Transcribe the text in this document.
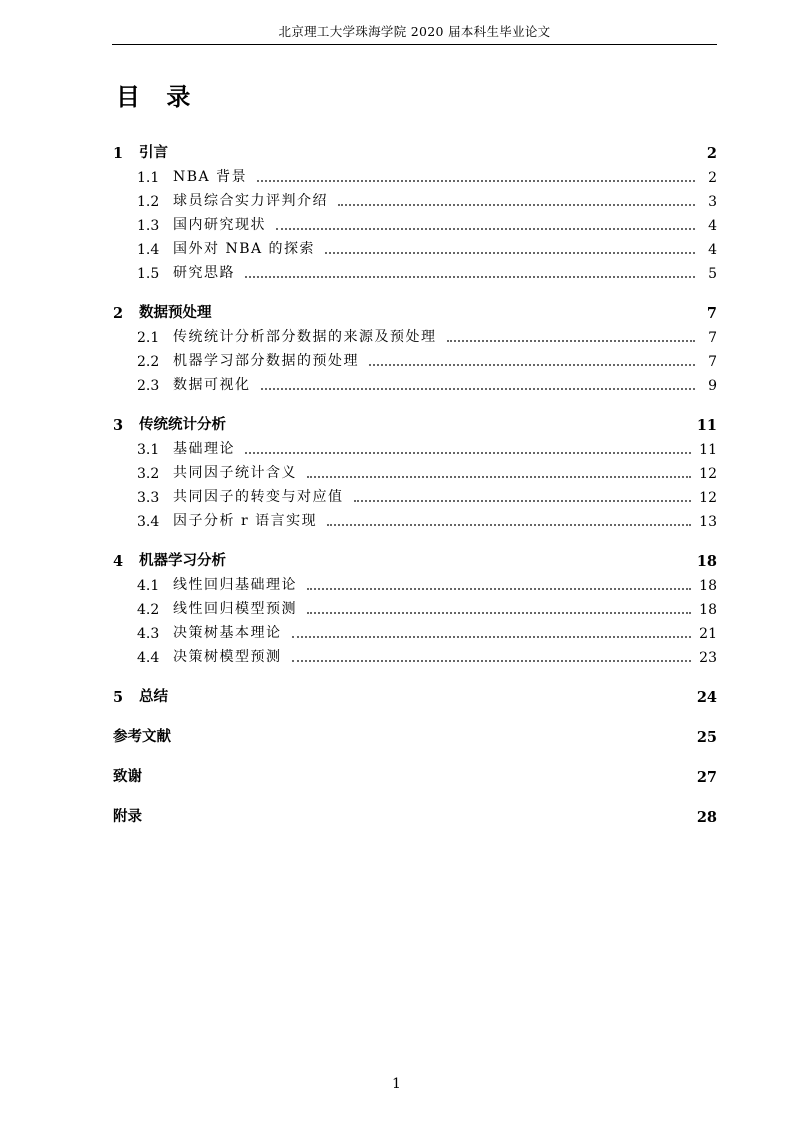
北京理工大学珠海学院 2020 届本科生毕业论文
目 录
1	引言	2
1.1 NBA 背景	2
1.2 球员综合实力评判介绍	3
1.3 国内研究现状	4
1.4 国外对 NBA 的探索	4
1.5 研究思路	5
2	数据预处理	7
2.1 传统统计分析部分数据的来源及预处理	7
2.2 机器学习部分数据的预处理	7
2.3 数据可视化	9
3	传统统计分析	11
3.1 基础理论	11
3.2 共同因子统计含义	12
3.3 共同因子的转变与对应值	12
3.4 因子分析 r 语言实现	13
4	机器学习分析	18
4.1 线性回归基础理论	18
4.2 线性回归模型预测	18
4.3 决策树基本理论	21
4.4 决策树模型预测	23
5	总结	24
参考文献	25
致谢	27
附录	28
1
